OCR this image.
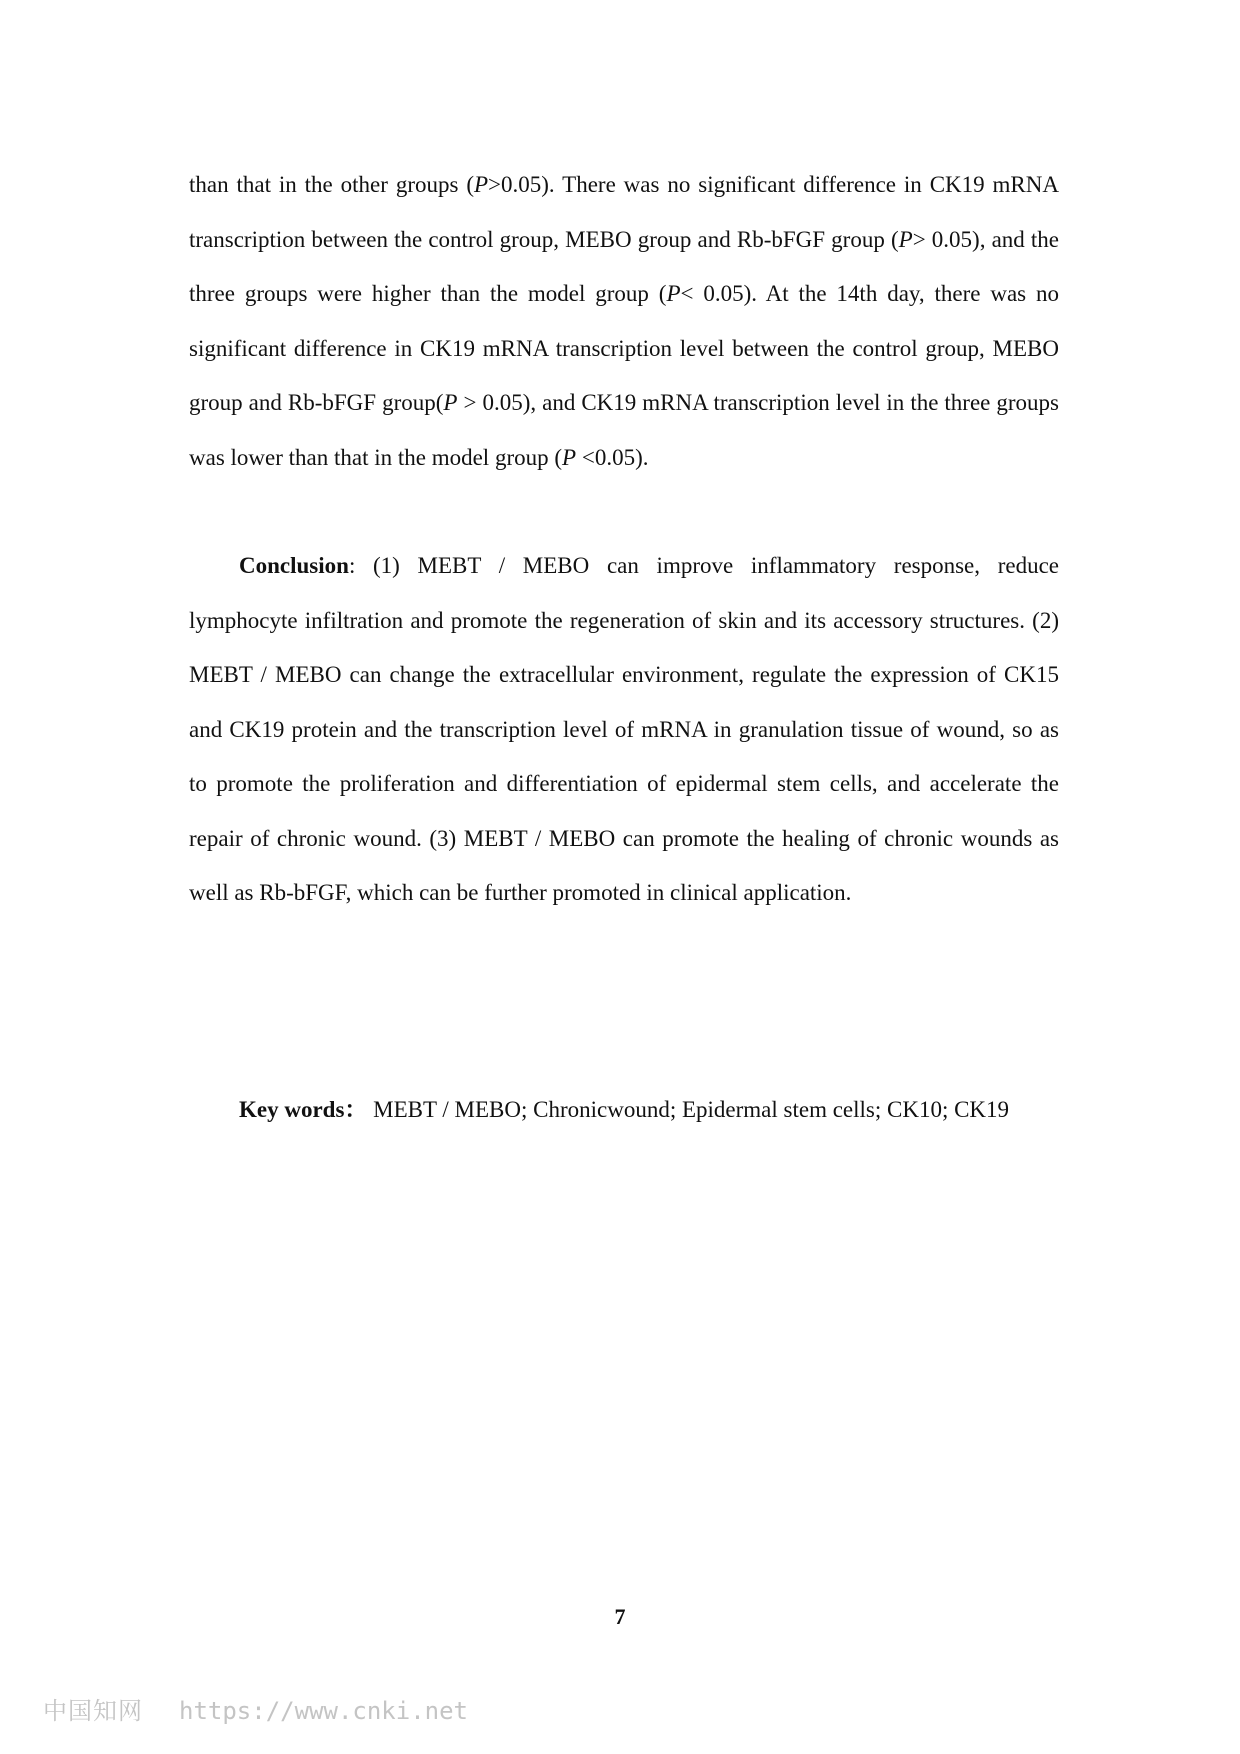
than that in the other groups (P>0.05). There was no significant difference in CK19 mRNA transcription between the control group, MEBO group and Rb-bFGF group (P> 0.05), and the three groups were higher than the model group (P< 0.05). At the 14th day, there was no significant difference in CK19 mRNA transcription level between the control group, MEBO group and Rb-bFGF group(P > 0.05), and CK19 mRNA transcription level in the three groups was lower than that in the model group (P <0.05).

Conclusion: (1) MEBT / MEBO can improve inflammatory response, reduce lymphocyte infiltration and promote the regeneration of skin and its accessory structures. (2) MEBT / MEBO can change the extracellular environment, regulate the expression of CK15 and CK19 protein and the transcription level of mRNA in granulation tissue of wound, so as to promote the proliferation and differentiation of epidermal stem cells, and accelerate the repair of chronic wound. (3) MEBT / MEBO can promote the healing of chronic wounds as well as Rb-bFGF, which can be further promoted in clinical application.

Key words： MEBT / MEBO; Chronicwound; Epidermal stem cells; CK10; CK19

7
中国知网 https://www.cnki.net
